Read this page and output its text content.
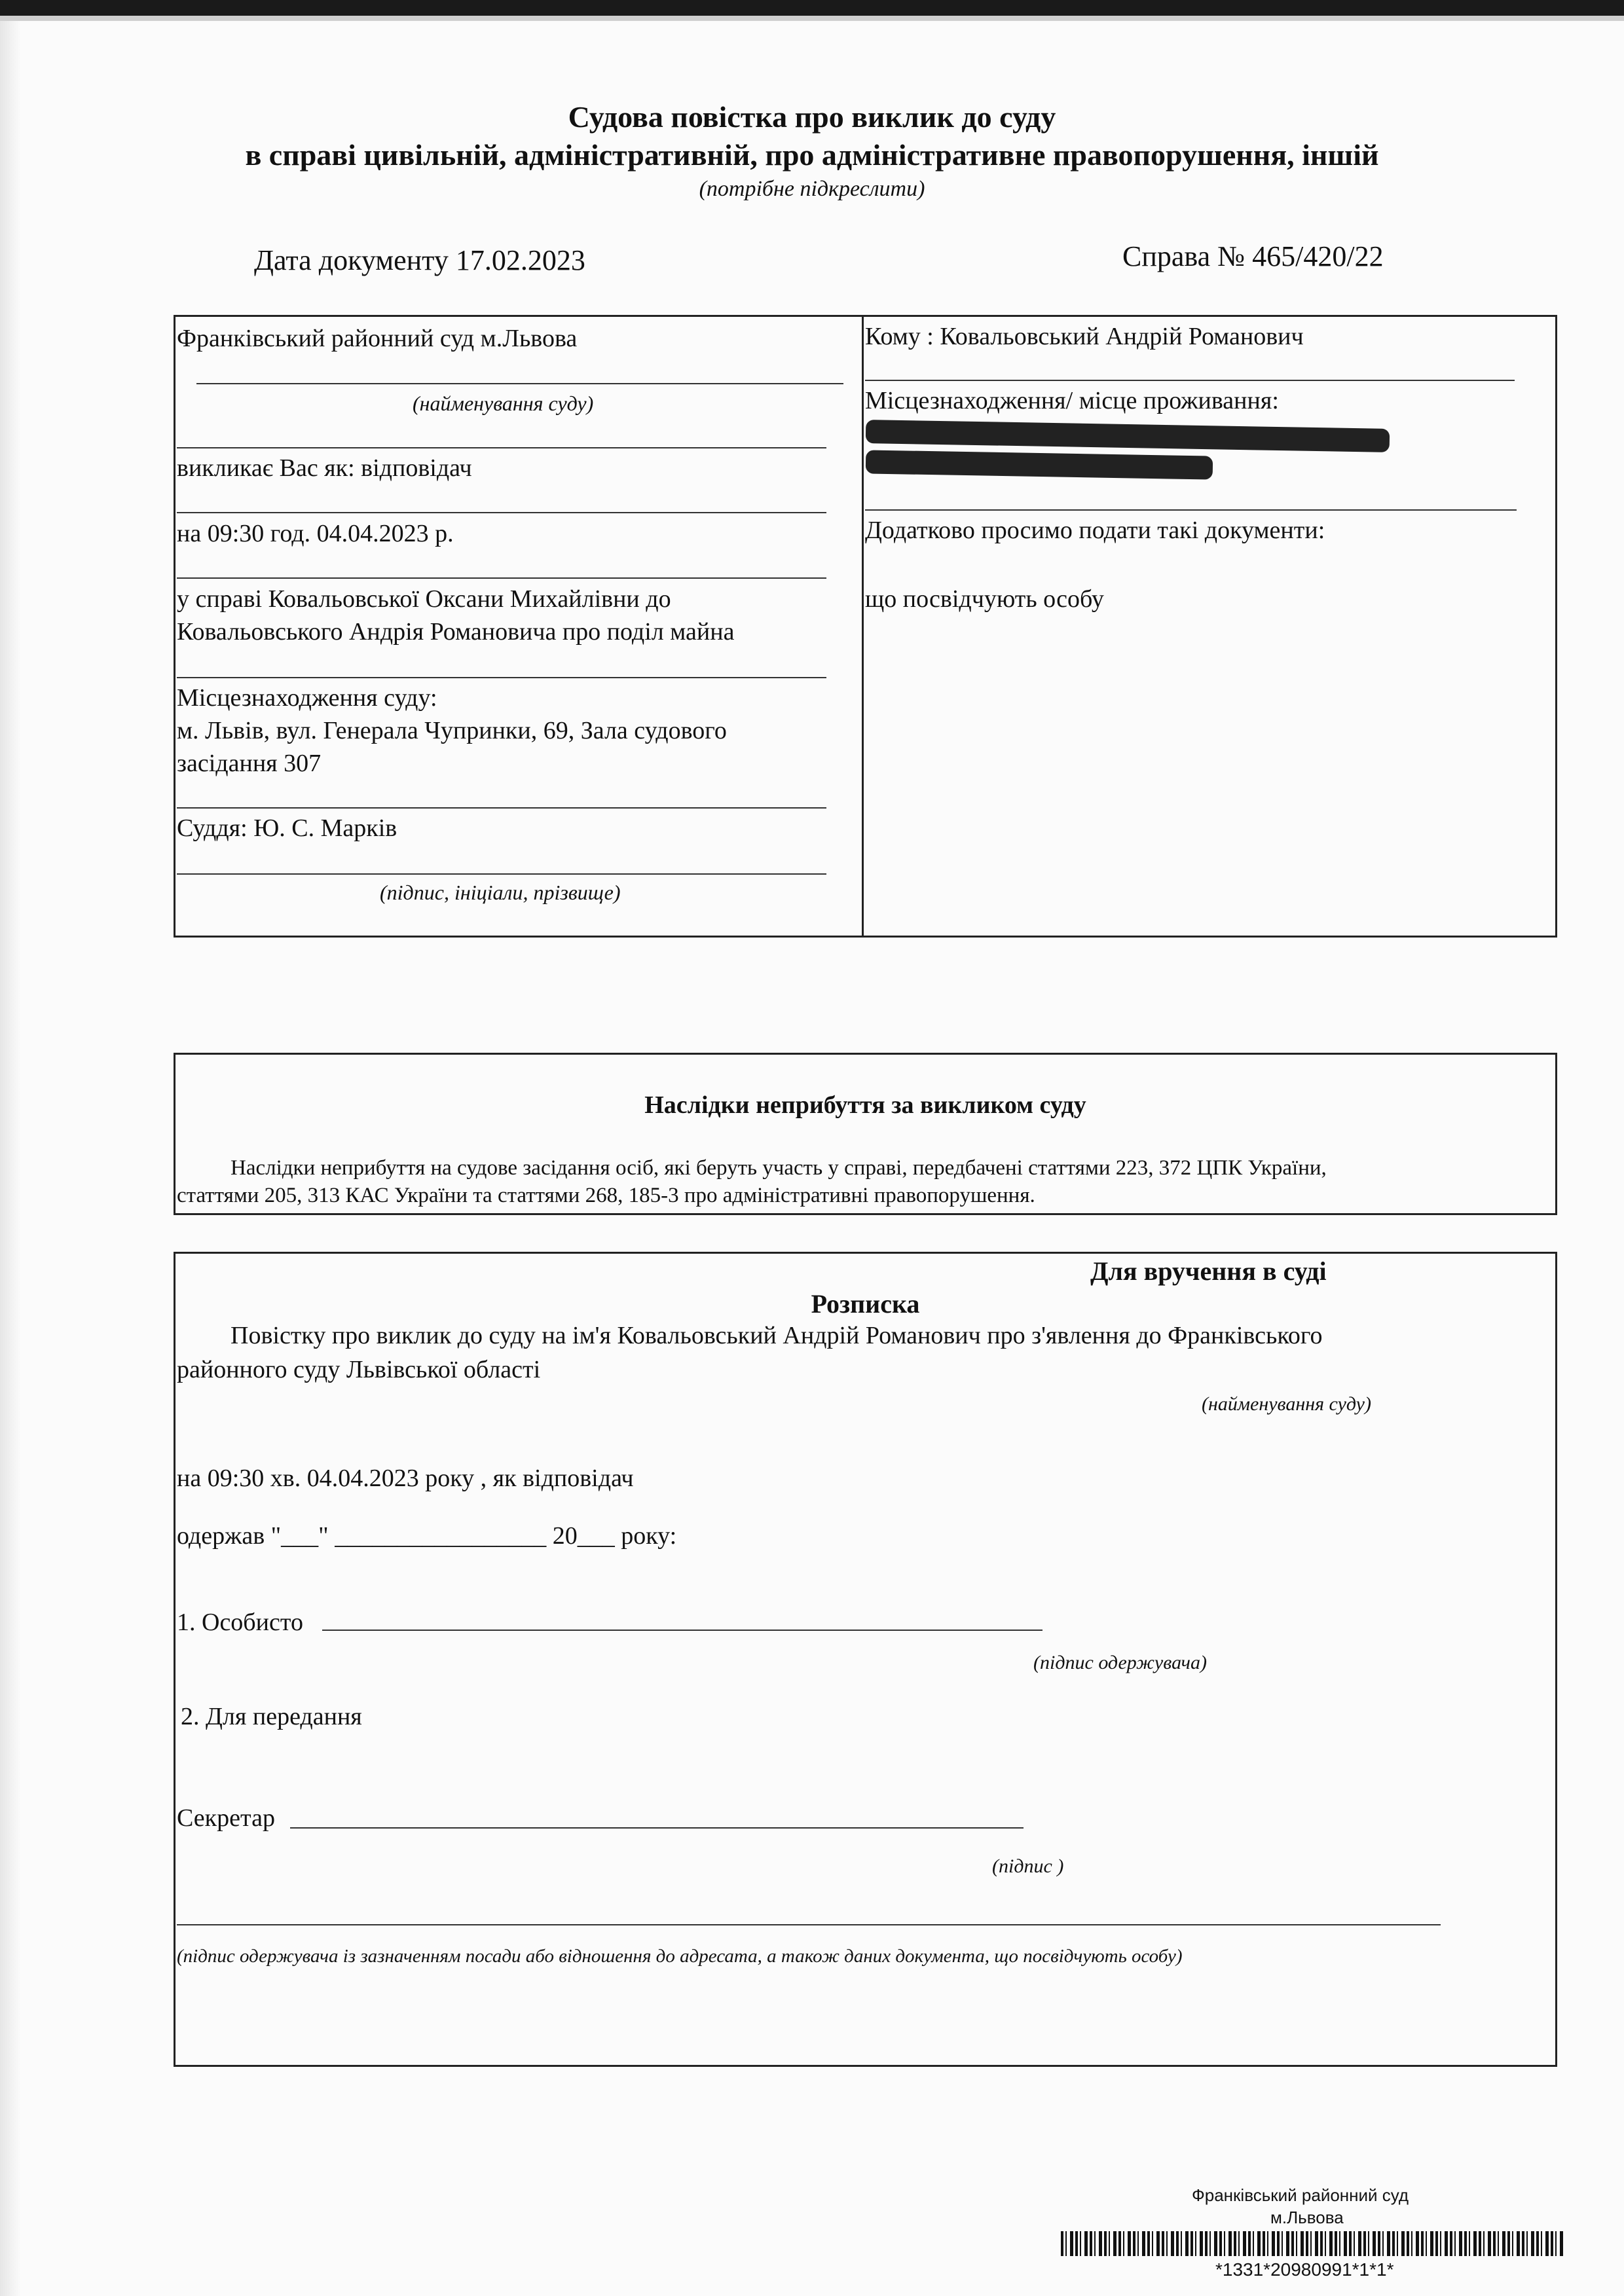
Судова повістка про виклик до суду
в справі цивільній, адміністративній, про адміністративне правопорушення, іншій
(потрібне підкреслити)
Дата документу 17.02.2023	Справа № 465/420/22
Франківський районний суд м.Львова
(найменування суду)
викликає Вас як: відповідач
на 09:30 год. 04.04.2023 р.
у справі Ковальовської Оксани Михайлівни до
Ковальовського Андрія Романовича про поділ майна
Місцезнаходження суду:
м. Львів, вул. Генерала Чупринки, 69, Зала судового
засідання 307
Суддя: Ю. С. Марків
(підпис, ініціали, прізвище)
Кому : Ковальовський Андрій Романович
Місцезнаходження/ місце проживання:
Додатково просимо подати такі документи:
що посвідчують особу
Наслідки неприбуття за викликом суду
Наслідки неприбуття на судове засідання осіб, які беруть участь у справі, передбачені статтями 223, 372 ЦПК України,
статтями 205, 313 КАС України та статтями 268, 185-3 про адміністративні правопорушення.
Для вручення в суді
Розписка
Повістку про виклик до суду на ім'я Ковальовський Андрій Романович про з'явлення до Франківського
районного суду Львівської області
(найменування суду)
на 09:30 хв. 04.04.2023 року , як відповідач
одержав "___" _________________ 20___ року:
1. Особисто
(підпис одержувача)
2. Для передання
Секретар
(підпис )
(підпис одержувача із зазначенням посади або відношення до адресата, а також даних документа, що посвідчують особу)
Франківський районний суд
м.Львова
*1331*20980991*1*1*
